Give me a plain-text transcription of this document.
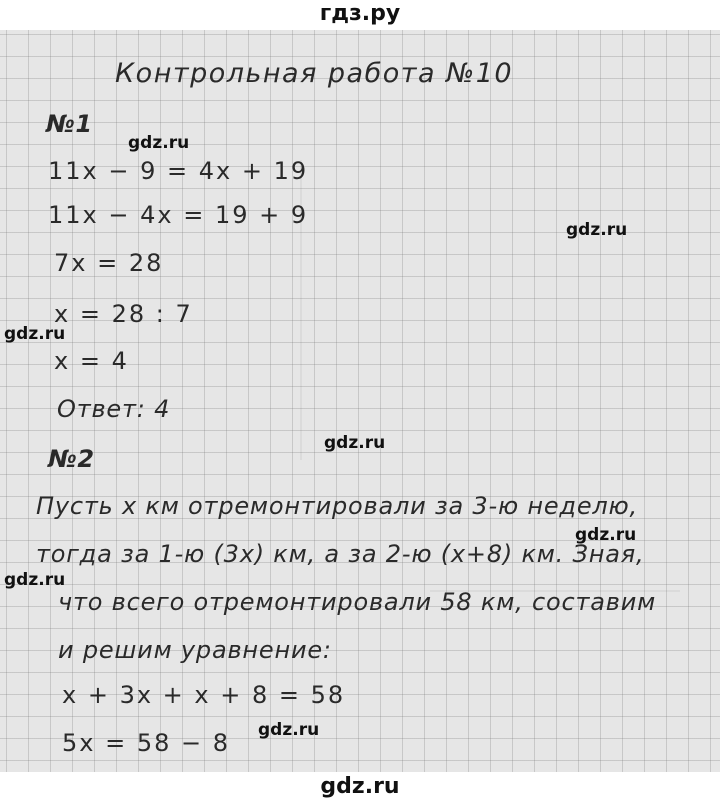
гдз.ру
Контрольная работа №10
№1
11x − 9 = 4x + 19
11x − 4x = 19 + 9
7x = 28
x = 28 : 7
x = 4
Ответ: 4
№2
Пусть x км отремонтировали за 3-ю неделю,
тогда за 1-ю (3x) км, а за 2-ю (x+8) км. Зная,
что всего отремонтировали 58 км, составим
и решим уравнение:
x + 3x + x + 8 = 58
5x = 58 − 8
gdz.ru
gdz.ru
gdz.ru
gdz.ru
gdz.ru
gdz.ru
gdz.ru
gdz.ru
